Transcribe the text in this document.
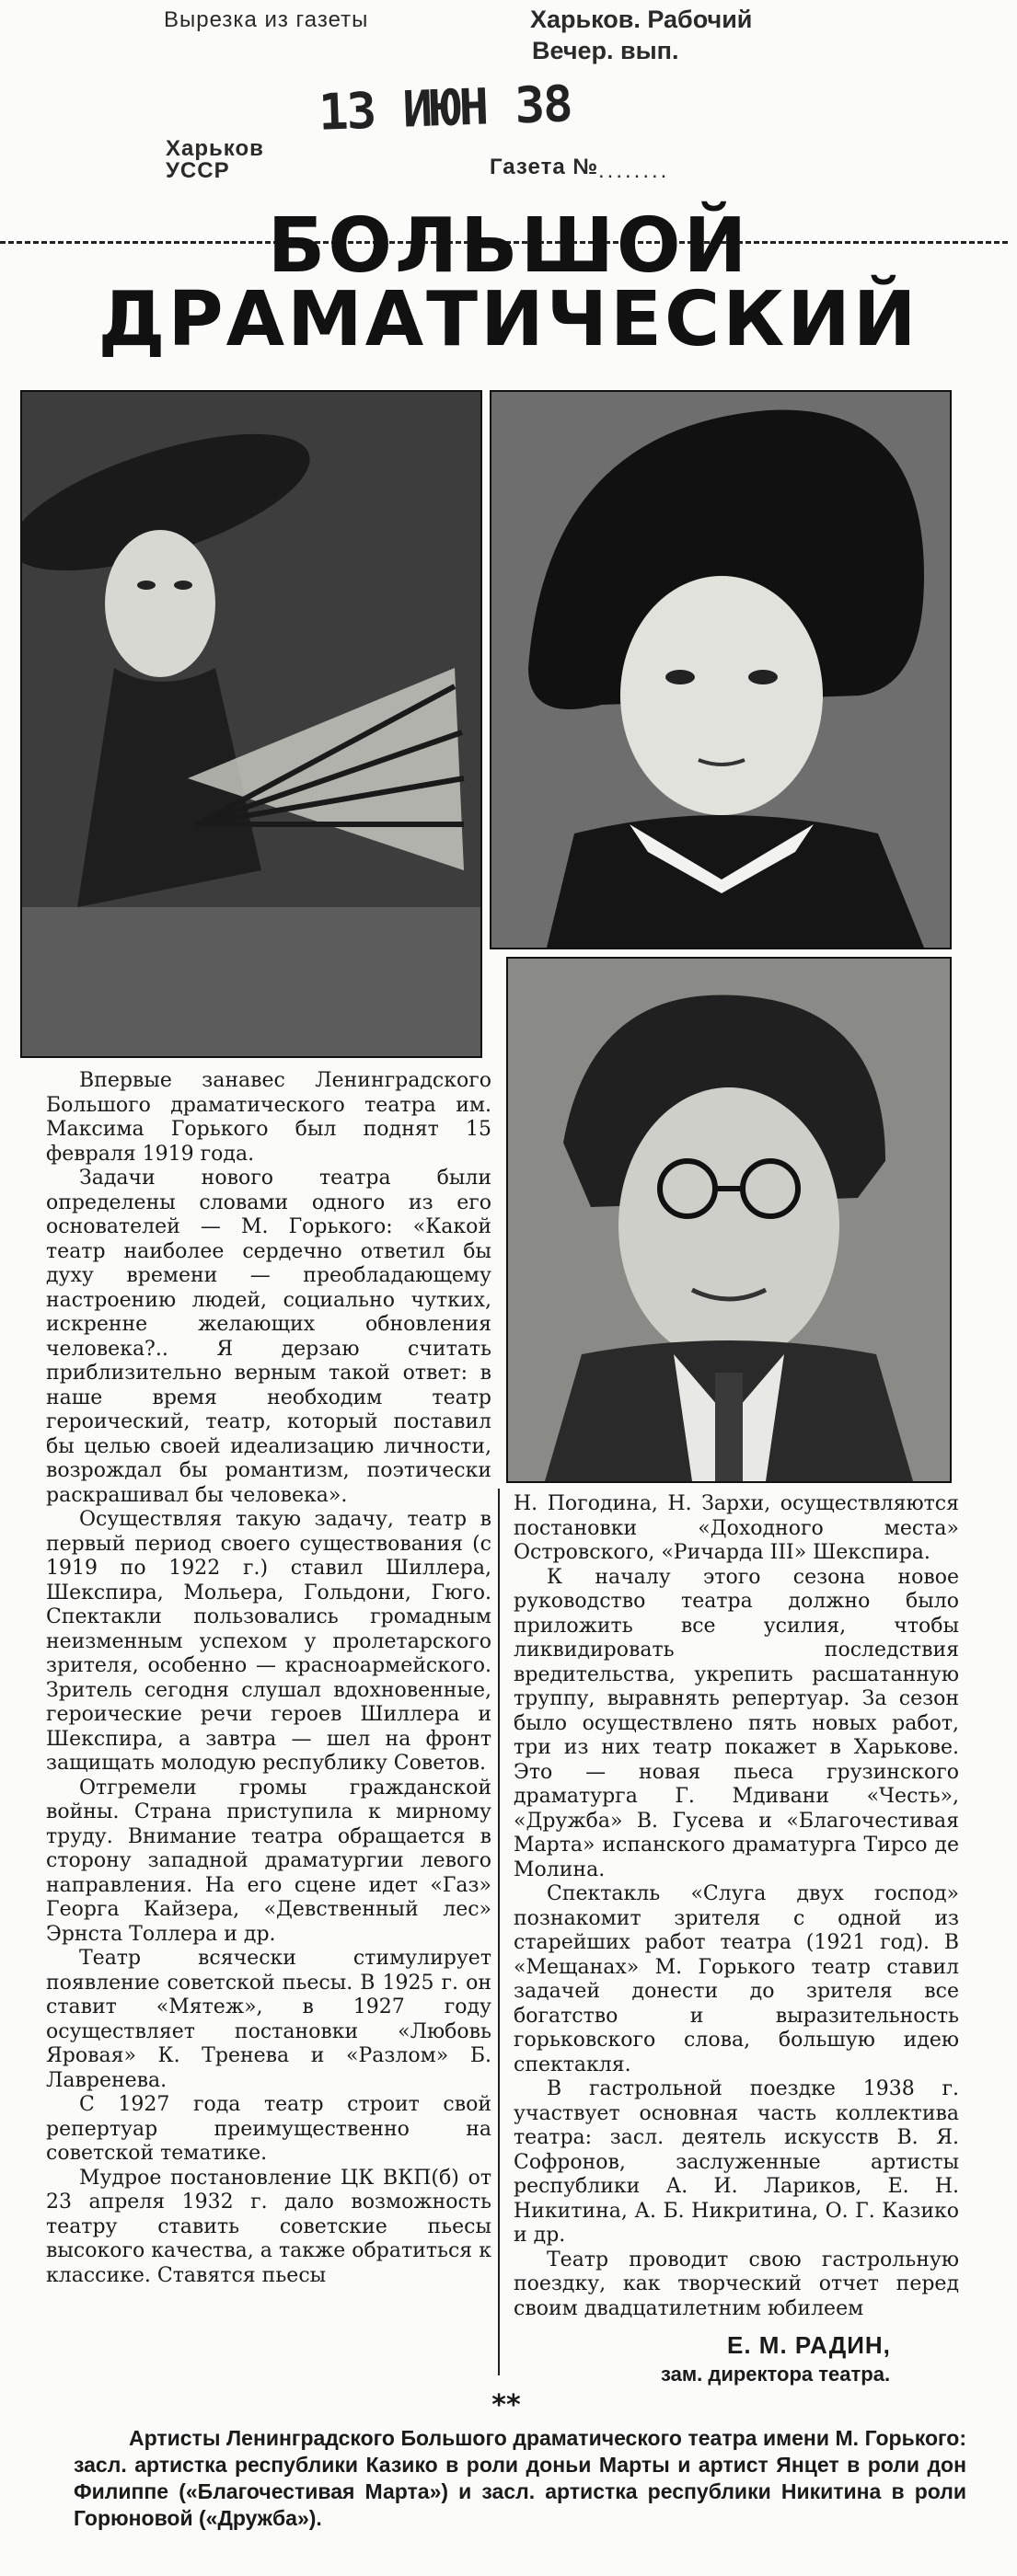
Вырезка из газеты	Харьков. Рабочий
Вечер. вып.
13 ИЮН 38
Харьков
УССР	Газета № ........
БОЛЬШОЙ
ДРАМАТИЧЕСКИЙ

Впервые занавес Ленинградского Большого драматического театра им. Максима Горького был поднят 15 февраля 1919 года.

Задачи нового театра были определены словами одного из его основателей — М. Горького: «Какой театр наиболее сердечно ответил бы духу времени — преобладающему настроению людей, социально чутких, искренне желающих обновления человека?.. Я дерзаю считать приблизительно верным такой ответ: в наше время необходим театр героический, театр, который поставил бы целью своей идеализацию личности, возрождал бы романтизм, поэтически раскрашивал бы человека».

Осуществляя такую задачу, театр в первый период своего существования (с 1919 по 1922 г.) ставил Шиллера, Шекспира, Мольера, Гольдони, Гюго. Спектакли пользовались громадным неизменным успехом у пролетарского зрителя, особенно — красноармейского. Зритель сегодня слушал вдохновенные, героические речи героев Шиллера и Шекспира, а завтра — шел на фронт защищать молодую республику Советов.

Отгремели громы гражданской войны. Страна приступила к мирному труду. Внимание театра обращается в сторону западной драматургии левого направления. На его сцене идет «Газ» Георга Кайзера, «Девственный лес» Эрнста Толлера и др.

Театр всячески стимулирует появление советской пьесы. В 1925 г. он ставит «Мятеж», в 1927 году осуществляет постановки «Любовь Яровая» К. Тренева и «Разлом» Б. Лавренева.

С 1927 года театр строит свой репертуар преимущественно на советской тематике.

Мудрое постановление ЦК ВКП(б) от 23 апреля 1932 г. дало возможность театру ставить советские пьесы высокого качества, а также обратиться к классике. Ставятся пьесы

Н. Погодина, Н. Зархи, осуществляются постановки «Доходного места» Островского, «Ричарда III» Шекспира.

К началу этого сезона новое руководство театра должно было приложить все усилия, чтобы ликвидировать последствия вредительства, укрепить расшатанную труппу, выравнять репертуар. За сезон было осуществлено пять новых работ, три из них театр покажет в Харькове. Это — новая пьеса грузинского драматурга Г. Мдивани «Честь», «Дружба» В. Гусева и «Благочестивая Марта» испанского драматурга Тирсо де Молина.

Спектакль «Слуга двух господ» познакомит зрителя с одной из старейших работ театра (1921 год). В «Мещанах» М. Горького театр ставил задачей донести до зрителя все богатство и выразительность горьковского слова, большую идею спектакля.

В гастрольной поездке 1938 г. участвует основная часть коллектива театра: засл. деятель искусств В. Я. Софронов, заслуженные артисты республики А. И. Лариков, Е. Н. Никитина, А. Б. Никритина, О. Г. Казико и др.

Театр проводит свою гастрольную поездку, как творческий отчет перед своим двадцатилетним юбилеем

Е. М. РАДИН,
зам. директора театра.
**

Артисты Ленинградского Большого драматического театра имени М. Горького: засл. артистка республики Казико в роли доньи Марты и артист Янцет в роли дон Филиппе («Благочестивая Марта») и засл. артистка республики Никитина в роли Горюновой («Дружба»).
